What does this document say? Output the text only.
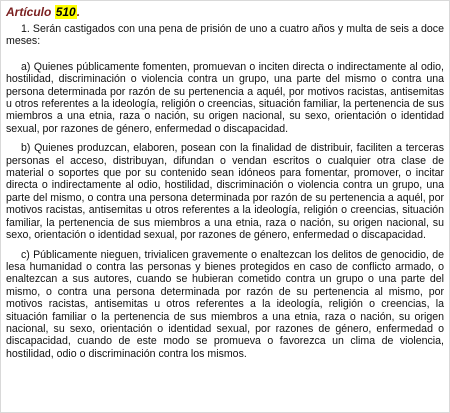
Artículo 510.

1. Serán castigados con una pena de prisión de uno a cuatro años y multa de seis a doce meses:

a) Quienes públicamente fomenten, promuevan o inciten directa o indirectamente al odio, hostilidad, discriminación o violencia contra un grupo, una parte del mismo o contra una persona determinada por razón de su pertenencia a aquél, por motivos racistas, antisemitas u otros referentes a la ideología, religión o creencias, situación familiar, la pertenencia de sus miembros a una etnia, raza o nación, su origen nacional, su sexo, orientación o identidad sexual, por razones de género, enfermedad o discapacidad.

b) Quienes produzcan, elaboren, posean con la finalidad de distribuir, faciliten a terceras personas el acceso, distribuyan, difundan o vendan escritos o cualquier otra clase de material o soportes que por su contenido sean idóneos para fomentar, promover, o incitar directa o indirectamente al odio, hostilidad, discriminación o violencia contra un grupo, una parte del mismo, o contra una persona determinada por razón de su pertenencia a aquél, por motivos racistas, antisemitas u otros referentes a la ideología, religión o creencias, situación familiar, la pertenencia de sus miembros a una etnia, raza o nación, su origen nacional, su sexo, orientación o identidad sexual, por razones de género, enfermedad o discapacidad.

c) Públicamente nieguen, trivialicen gravemente o enaltezcan los delitos de genocidio, de lesa humanidad o contra las personas y bienes protegidos en caso de conflicto armado, o enaltezcan a sus autores, cuando se hubieran cometido contra un grupo o una parte del mismo, o contra una persona determinada por razón de su pertenencia al mismo, por motivos racistas, antisemitas u otros referentes a la ideología, religión o creencias, la situación familiar o la pertenencia de sus miembros a una etnia, raza o nación, su origen nacional, su sexo, orientación o identidad sexual, por razones de género, enfermedad o discapacidad, cuando de este modo se promueva o favorezca un clima de violencia, hostilidad, odio o discriminación contra los mismos.
